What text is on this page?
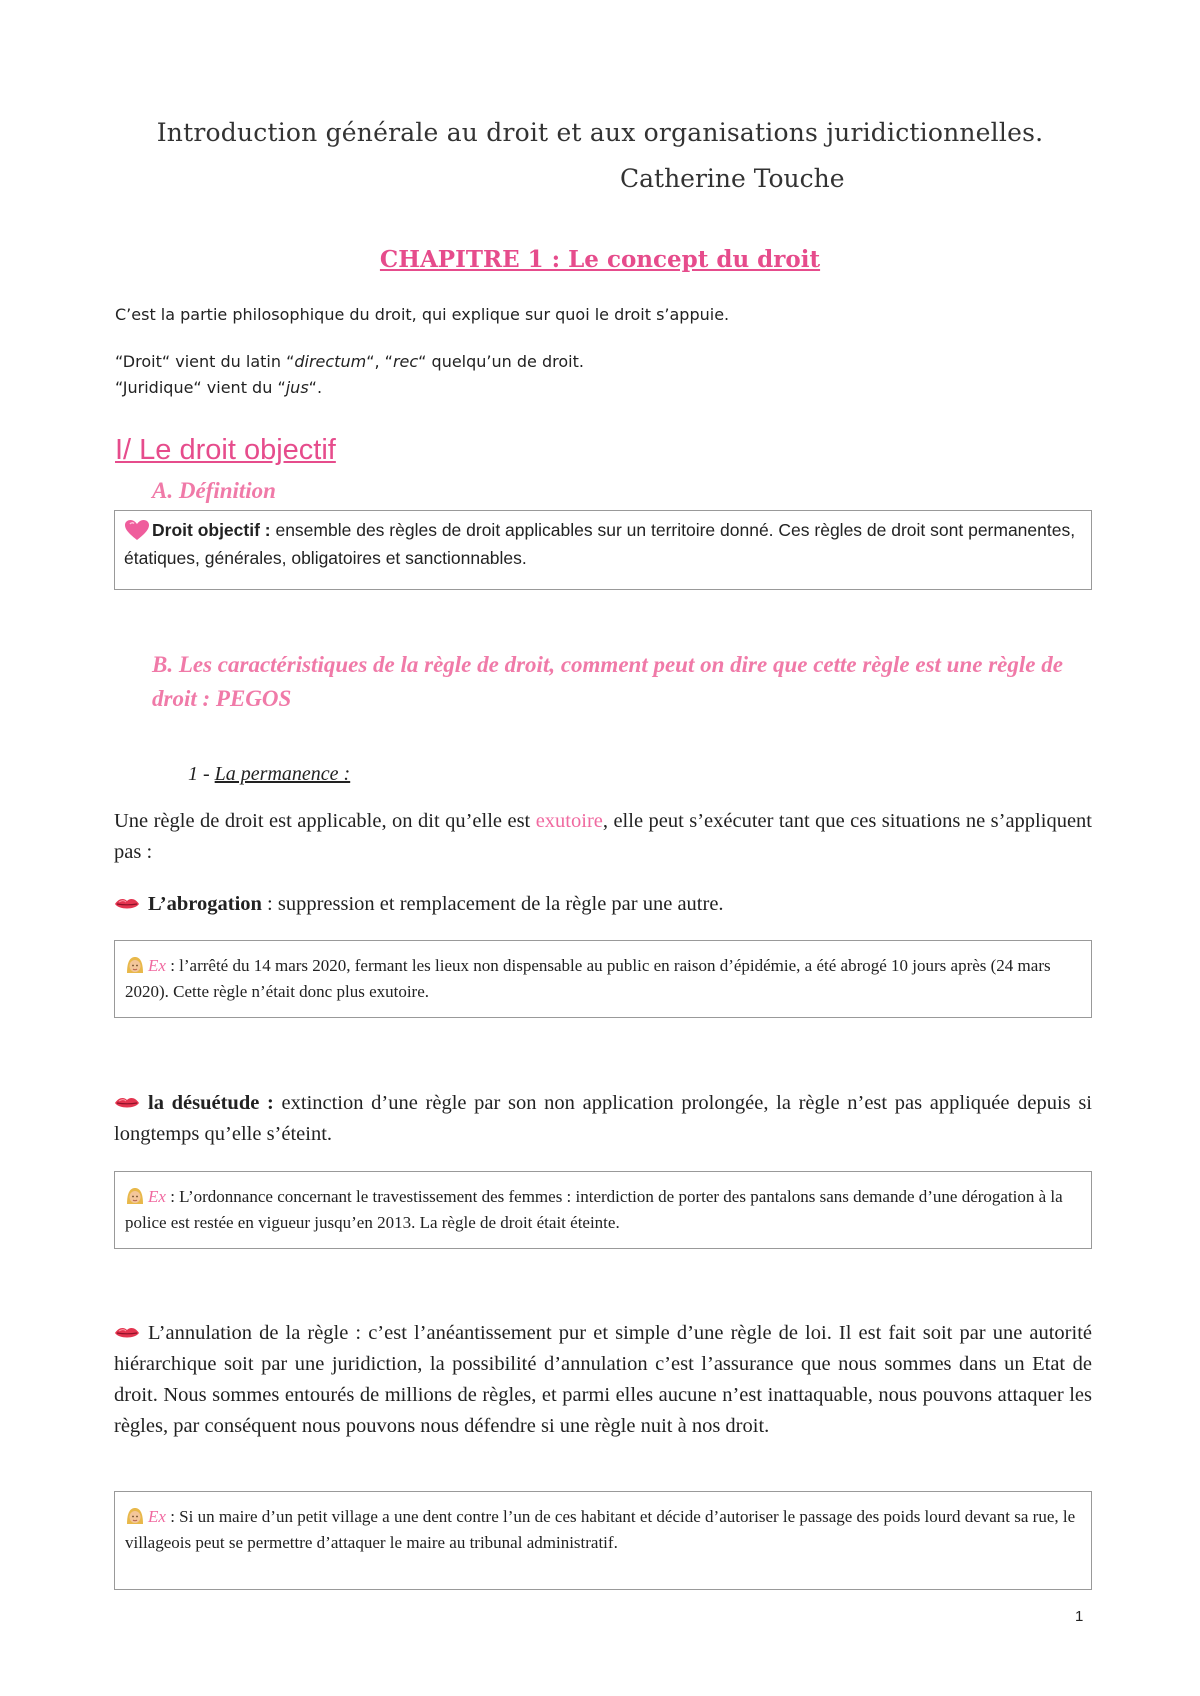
Introduction générale au droit et aux organisations juridictionnelles.
Catherine Touche
CHAPITRE 1 : Le concept du droit
C’est la partie philosophique du droit, qui explique sur quoi le droit s’appuie.
“Droit“ vient du latin “directum“, “rec“ quelqu’un de droit.
“Juridique“ vient du “jus“.
I/ Le droit objectif
A. Définition
Droit objectif : ensemble des règles de droit applicables sur un territoire donné. Ces règles de droit sont permanentes, étatiques, générales, obligatoires et sanctionnables.
B. Les caractéristiques de la règle de droit, comment peut on dire que cette règle est une règle de droit : PEGOS
1 - La permanence :
Une règle de droit est applicable, on dit qu’elle est exutoire, elle peut s’exécuter tant que ces situations ne s’appliquent pas :
L’abrogation : suppression et remplacement de la règle par une autre.
Ex : l’arrêté du 14 mars 2020, fermant les lieux non dispensable au public en raison d’épidémie, a été abrogé 10 jours après (24 mars 2020). Cette règle n’était donc plus exutoire.
la désuétude : extinction d’une règle par son non application prolongée, la règle n’est pas appliquée depuis si longtemps qu’elle s’éteint.
Ex : L’ordonnance concernant le travestissement des femmes : interdiction de porter des pantalons sans demande d’une dérogation à la police est restée en vigueur jusqu’en 2013. La règle de droit était éteinte.
L’annulation de la règle : c’est l’anéantissement pur et simple d’une règle de loi. Il est fait soit par une autorité hiérarchique soit par une juridiction, la possibilité d’annulation c’est l’assurance que nous sommes dans un Etat de droit. Nous sommes entourés de millions de règles, et parmi elles aucune n’est inattaquable, nous pouvons attaquer les règles, par conséquent nous pouvons nous défendre si une règle nuit à nos droit.
Ex : Si un maire d’un petit village a une dent contre l’un de ces habitant et décide d’autoriser le passage des poids lourd devant sa rue, le villageois peut se permettre d’attaquer le maire au tribunal administratif.
1
